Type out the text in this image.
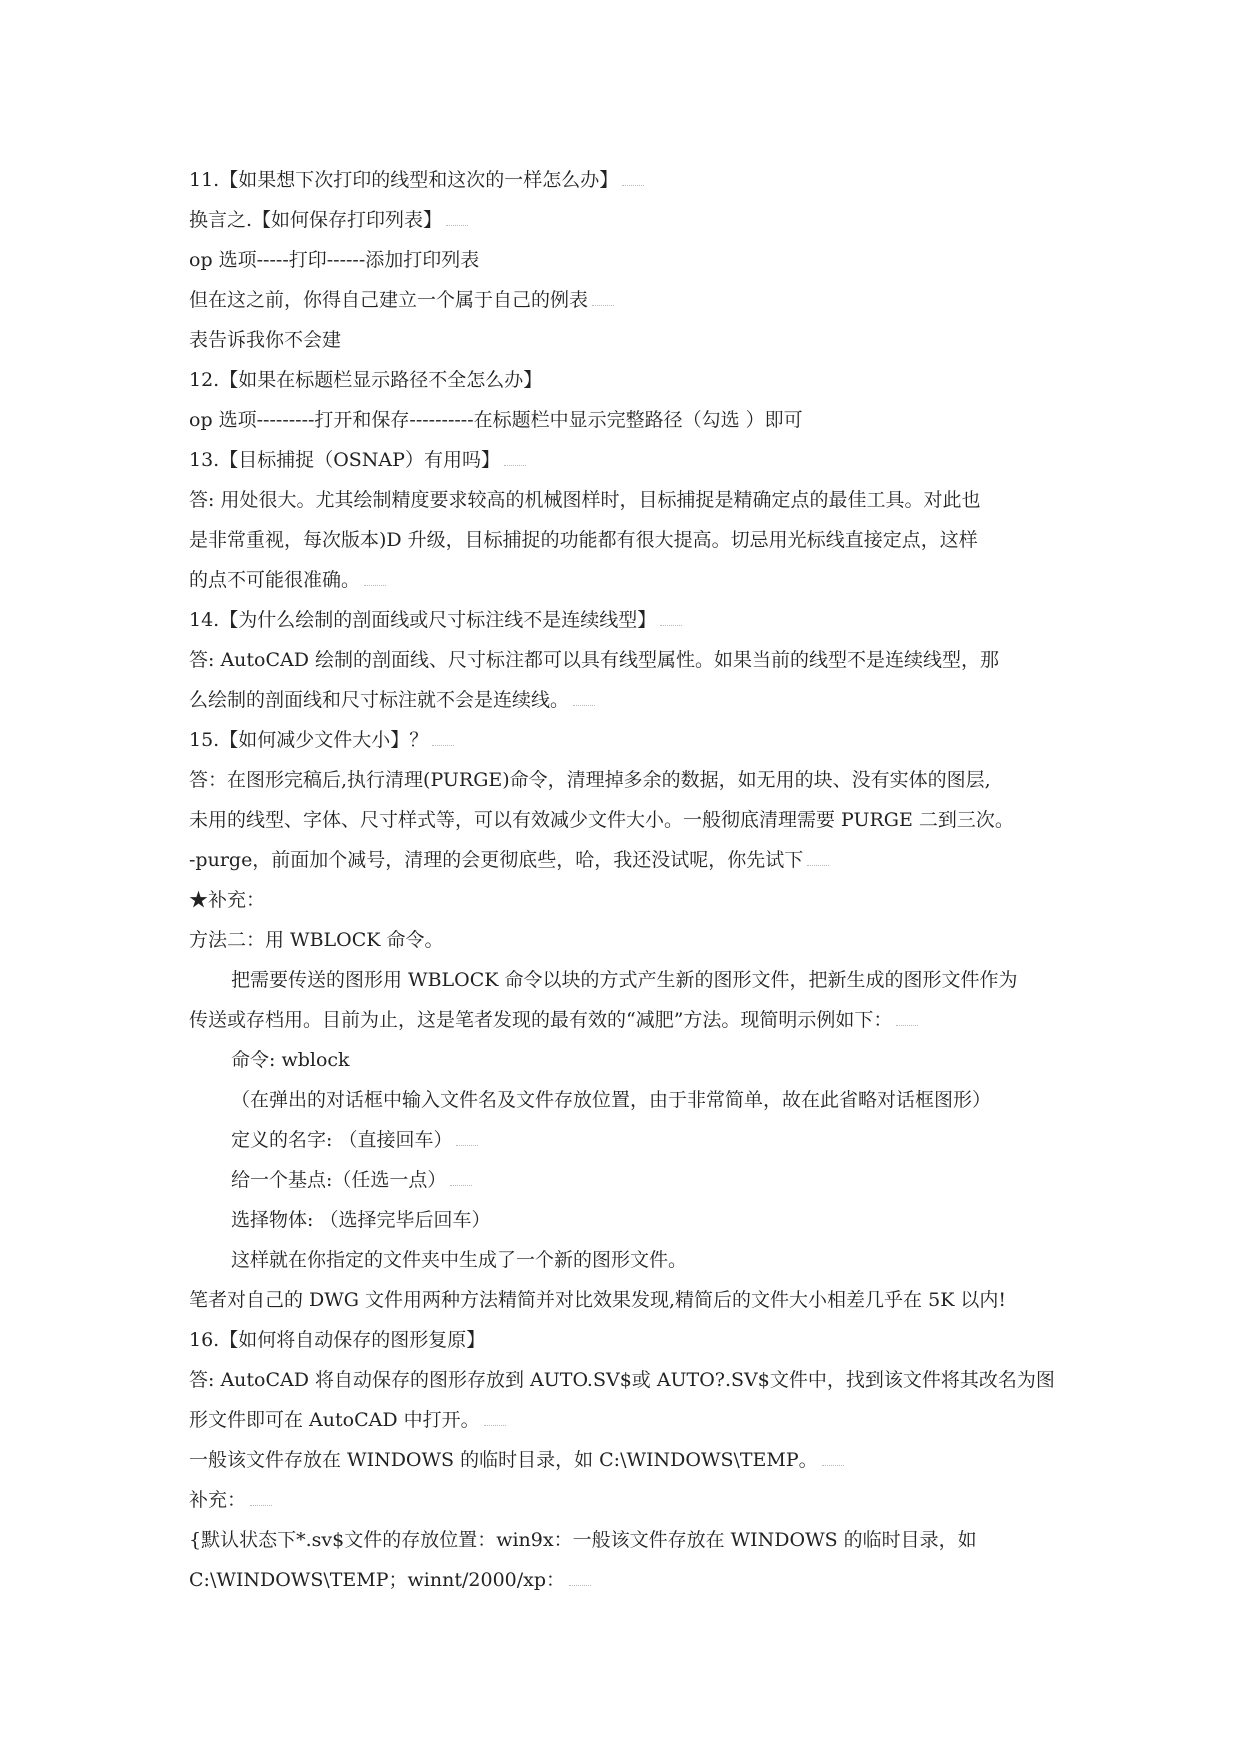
11.【如果想下次打印的线型和这次的一样怎么办】
换言之.【如何保存打印列表】
op 选项-----打印------添加打印列表
但在这之前，你得自己建立一个属于自己的例表
表告诉我你不会建
12.【如果在标题栏显示路径不全怎么办】
op 选项---------打开和保存----------在标题栏中显示完整路径（勾选 ）即可
13.【目标捕捉（OSNAP）有用吗】
答: 用处很大。尤其绘制精度要求较高的机械图样时，目标捕捉是精确定点的最佳工具。对此也
是非常重视，每次版本)D 升级，目标捕捉的功能都有很大提高。切忌用光标线直接定点，这样
的点不可能很准确。
14.【为什么绘制的剖面线或尺寸标注线不是连续线型】
答: AutoCAD 绘制的剖面线、尺寸标注都可以具有线型属性。如果当前的线型不是连续线型，那
么绘制的剖面线和尺寸标注就不会是连续线。
15.【如何减少文件大小】？
答：在图形完稿后,执行清理(PURGE)命令，清理掉多余的数据，如无用的块、没有实体的图层,
未用的线型、字体、尺寸样式等，可以有效减少文件大小。一般彻底清理需要 PURGE 二到三次。
-purge，前面加个减号，清理的会更彻底些，哈，我还没试呢，你先试下
★补充：
方法二：用 WBLOCK 命令。
把需要传送的图形用 WBLOCK 命令以块的方式产生新的图形文件，把新生成的图形文件作为
传送或存档用。目前为止，这是笔者发现的最有效的“减肥”方法。现简明示例如下：
命令: wblock
（在弹出的对话框中输入文件名及文件存放位置，由于非常简单，故在此省略对话框图形）
定义的名字: （直接回车）
给一个基点:（任选一点）
选择物体: （选择完毕后回车）
这样就在你指定的文件夹中生成了一个新的图形文件。
笔者对自己的 DWG 文件用两种方法精简并对比效果发现,精简后的文件大小相差几乎在 5K 以内!
16.【如何将自动保存的图形复原】
答: AutoCAD 将自动保存的图形存放到 AUTO.SV$或 AUTO?.SV$文件中，找到该文件将其改名为图
形文件即可在 AutoCAD 中打开。
一般该文件存放在 WINDOWS 的临时目录，如 C:\WINDOWS\TEMP。
补充：
{默认状态下*.sv$文件的存放位置：win9x：一般该文件存放在 WINDOWS 的临时目录，如
C:\WINDOWS\TEMP；winnt/2000/xp：
